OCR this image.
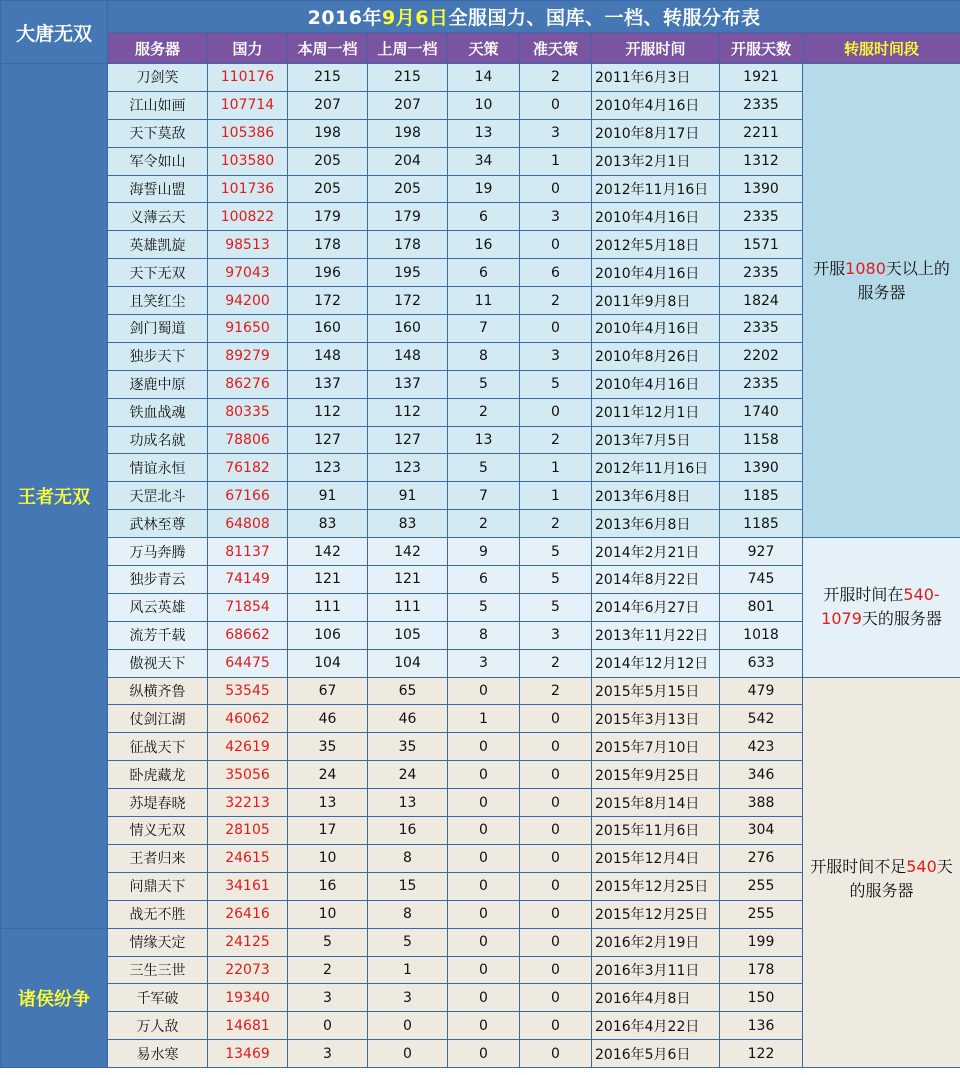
大唐无双	2016年9月6日全服国力、国库、一档、转服分布表								
	服务器	国力	本周一档	上周一档	天策	准天策	开服时间	开服天数	转服时间段
王者无双	刀剑笑	110176	215	215	14	2	2011年6月3日	1921	开服1080天以上的服务器
	江山如画	107714	207	207	10	0	2010年4月16日	2335	
	天下莫敌	105386	198	198	13	3	2010年8月17日	2211	
	军令如山	103580	205	204	34	1	2013年2月1日	1312	
	海誓山盟	101736	205	205	19	0	2012年11月16日	1390	
	义薄云天	100822	179	179	6	3	2010年4月16日	2335	
	英雄凯旋	98513	178	178	16	0	2012年5月18日	1571	
	天下无双	97043	196	195	6	6	2010年4月16日	2335	
	且笑红尘	94200	172	172	11	2	2011年9月8日	1824	
	剑门蜀道	91650	160	160	7	0	2010年4月16日	2335	
	独步天下	89279	148	148	8	3	2010年8月26日	2202	
	逐鹿中原	86276	137	137	5	5	2010年4月16日	2335	
	铁血战魂	80335	112	112	2	0	2011年12月1日	1740	
	功成名就	78806	127	127	13	2	2013年7月5日	1158	
	情谊永恒	76182	123	123	5	1	2012年11月16日	1390	
	天罡北斗	67166	91	91	7	1	2013年6月8日	1185	
	武林至尊	64808	83	83	2	2	2013年6月8日	1185	
	万马奔腾	81137	142	142	9	5	2014年2月21日	927	开服时间在540-1079天的服务器
	独步青云	74149	121	121	6	5	2014年8月22日	745	
	风云英雄	71854	111	111	5	5	2014年6月27日	801	
	流芳千载	68662	106	105	8	3	2013年11月22日	1018	
	傲视天下	64475	104	104	3	2	2014年12月12日	633	
	纵横齐鲁	53545	67	65	0	2	2015年5月15日	479	开服时间不足540天的服务器
	仗剑江湖	46062	46	46	1	0	2015年3月13日	542	
	征战天下	42619	35	35	0	0	2015年7月10日	423	
	卧虎藏龙	35056	24	24	0	0	2015年9月25日	346	
	苏堤春晓	32213	13	13	0	0	2015年8月14日	388	
	情义无双	28105	17	16	0	0	2015年11月6日	304	
	王者归来	24615	10	8	0	0	2015年12月4日	276	
	问鼎天下	34161	16	15	0	0	2015年12月25日	255	
	战无不胜	26416	10	8	0	0	2015年12月25日	255	
诸侯纷争	情缘天定	24125	5	5	0	0	2016年2月19日	199	
	三生三世	22073	2	1	0	0	2016年3月11日	178	
	千军破	19340	3	3	0	0	2016年4月8日	150	
	万人敌	14681	0	0	0	0	2016年4月22日	136	
	易水寒	13469	3	0	0	0	2016年5月6日	122	
